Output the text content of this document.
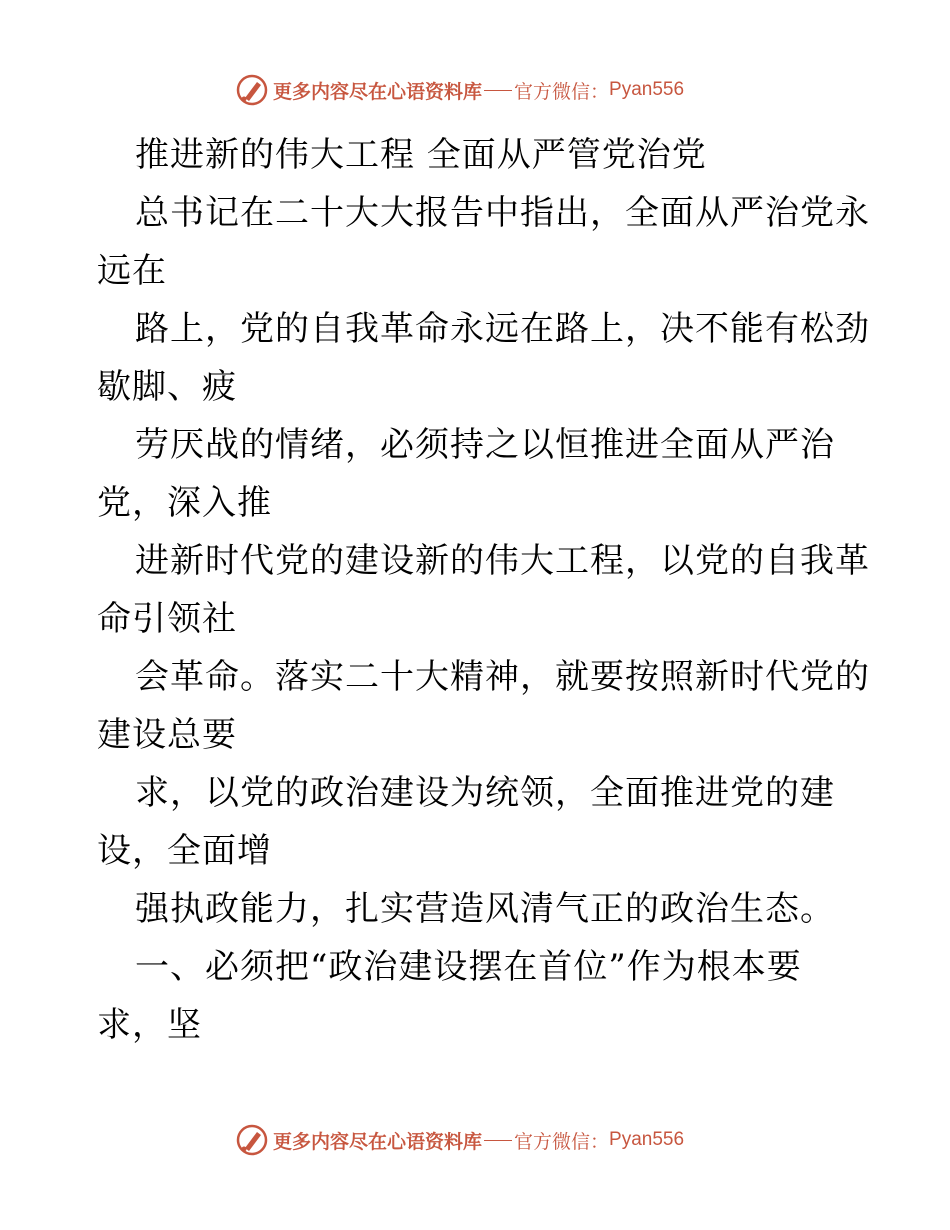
更多内容尽在心语资料库 官方微信： Pyan556
推进新的伟大工程 全面从严管党治党
总书记在二十大大报告中指出，全面从严治党永
远在
路上，党的自我革命永远在路上，决不能有松劲
歇脚、疲
劳厌战的情绪，必须持之以恒推进全面从严治
党，深入推
进新时代党的建设新的伟大工程，以党的自我革
命引领社
会革命。落实二十大精神，就要按照新时代党的
建设总要
求，以党的政治建设为统领，全面推进党的建
设，全面增
强执政能力，扎实营造风清气正的政治生态。
一、必须把“政治建设摆在首位”作为根本要
求，坚
更多内容尽在心语资料库 官方微信： Pyan556
